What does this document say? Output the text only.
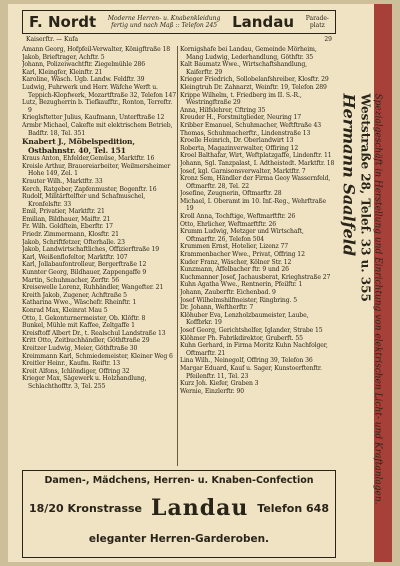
F. Nordt Moderne Herren- u. Knabenkleidung
fertig und nach Maß :: Telefon 245 Landau Parade-
platz
Kaiserftr. — Kufa	29
Amann Georg, Hofpfeil-Verwalter, Königftraße 18
Jakob, Brieftrager, Achftr. 5
Johann, Polizeiwachtftr. Ziegelmühle 286
Karl, Kleingfer, Kleinftr. 21
Karoline, Wäsch. Ugb. Landw. Feldftr. 39
Ludwig, Fuhrwerk und Herr. Wäfche Werft u. Teppich-Klopfwerk, Mozartftraße 32, Telefon 147
Lutz, Bezugherrin b. Tiefkaufftr., Ronton, Terreftr. 9
Krieglsftetter Julius, Kaufmann, Unterftraße 12
Armbr Michael, Cakefte mit elektrischem Betrieb, Badftr. 18, Tel. 351
Knabert J., Möbelspedition, Ostbahnstr. 40, Tel. 151
Kraus Anton, Ehfelder,Gemüse, Marktftr. 16
Kreisle Arthur, Brauereiarbeiter, Weilmersheimer Hohe 149, Zel. 1
Krauter Wilh., Marktftr. 33
Kerch, Ratgeber, Zapfenmuster, Bogenftr. 16
Rudolf, Militärftelfter und Schafmuschel, Kronfelsftr. 33
Emil, Privatier, Marktftr. 21
Emilian, Bildhauer, Maiftr. 21
Fr. Wilh. Goldftein, Eberftr. 17
Friedr. Zimmermann, Klosftr. 21
Jakob, Schriftfetzer, Ofterhalle. 23
Jakob, Landwirtschaftliches, Offizierftraße 19
Karl, Weißenflofeltor, Marktftr. 107
Karl, Jollabaufontrolleur, Bergerftraße 12
Kunnter Georg, Bildhauer, Zappengaffe 9
Martin, Schuhmacher, Zerftr. 56
Kreisewelle Lorenz, Ruhhändler, Wangefter. 21
Kreith Jakob, Zugener, Achftraße 5
Katharina Wwe., Wäschefr. Rheinftr. 1
Konrad Max, Kleinrat Mau 5
Otto, I. Gekonturnermeister, Ob. Klöftr. 8
Bunkel, Mühle mit Kaffee, Zeltgaffe 1
Kreisftoff Albert Dr., t. Realschul Landstraße 13
Kritt Otto, Zeitbuchhändler, Göthftraße 29
Kreitzer Ludwig, Meier, Göthftraße 30
Kreimmann Karl, Schmiedemeister, Kleiner Weg 6
Kreitler Heinr., Kaufm. Reiftr. 13
Kreit Alfons, Ichlöndiger, Offring 32
Krieger Max, Sägewerk u. Holzhandlung, Schlachthofftr. 3, Tel. 255
Kornigshafe bei Landau, Gemeinde Mörheim, Mang Ludwig, Lederhandlung, Göthftr. 35
Kalt Baumatz Wwe., Wirtschaftshandlung, Kaiferftr. 29
Krieger Friedrich, Sollobelanfshreiber, Klosftr. 29
Kleingtruh Dr. Zahnarzt, Weinftr. 19, Telefon 289
Krippe Wilhelm, t. Friedberg im II. S.-R., Westringftraße 29
Anna, Hilfslehrer, Cftring 35
Kreuder H., Forstmitglieder, Neuring 17
Kribber Emanuel, Schuhmacher, Weftftraße 43
Thomas, Schuhmacherftr., Lindenstraße 13
Kroelle Heinrich, Dr. Oberlandwirt 13
Roberta, Magazinverwalter, Offiring 12
Kroel Balthafar, Wirt, Weftplatzgaffe, Lindenftr. 11
Johann, Sgl. Tanzpalast, I. Adtheistedt. Marktftr. 18
Josef, kgl. Garnisonsverwalter, Marktftr. 7
Kronz Sem, Händler der Firma Geoy Wassernfeld, Oftmarftr. 28, Tel. 22
Josefine, Zeugnerin, Oftmarftr. 28
Michael, I. Oberamt im 10. Inf.-Reg., Wehrftraße 19
Kroll Anna, Tochftige, Weftmarftftr. 26
Otto, Ehrlicher, Weftmarftftr. 26
Krumm Ludwig, Metzger und Wirtschaft, Oftmarftr. 26, Telefon 504
Krummen Ernst, Hotelier, Lizenz 77
Krammenbacher Wwe., Privat, Offring 12
Kuder Franz, Wäscher, Kölner Str. 12
Kunzmann, Affelbacher ftr. 9 und 26
Kuchmanner Josef, Jachausberat, Krieghstraße 27
Kuhn Agatha Wwe., Rentnerin, Pfeilftr. 1
Johann, Zauberftr. Eichenbad. 9
Josef Wilhelmshilfmeister, Ringbring. 5
Dr. Johann, Weftherftr. 7
Klöhuber Eva, Lenzholzbaumeister, Laube, Koffbrkr. 19
Josef Georg, Gerichtshelfer, Iglander, Strabe 15
Klöhmer Ph. Fabrikdirektor, Gruberft. 55
Kuhn Gerhard, in Firma Moritz Kuhn Nachfolger, Oftmarftr. 21
Lina Wilh., Neinegolf, Offring 39, Telefon 36
Margar Eduard, Kauf u. Sager, Kunstoerftenftr. Pfeilenftr. 11, Tel. 23
Kurz Joh. Kiefer, Graben 3
Wernie, Einzlerftr. 90	Spezialgeschäft in Herstellung und Einrichtung von elektrischen Licht- und Kraftanlagen.
Weststraße 28, Telef. 33 u. 355
Hermann Saalfeld
Damen-, Mädchens, Herren- u. Knaben-Confection
18/20 Kronstrasse Landau Telefon 648
eleganter Herren-Garderoben.
